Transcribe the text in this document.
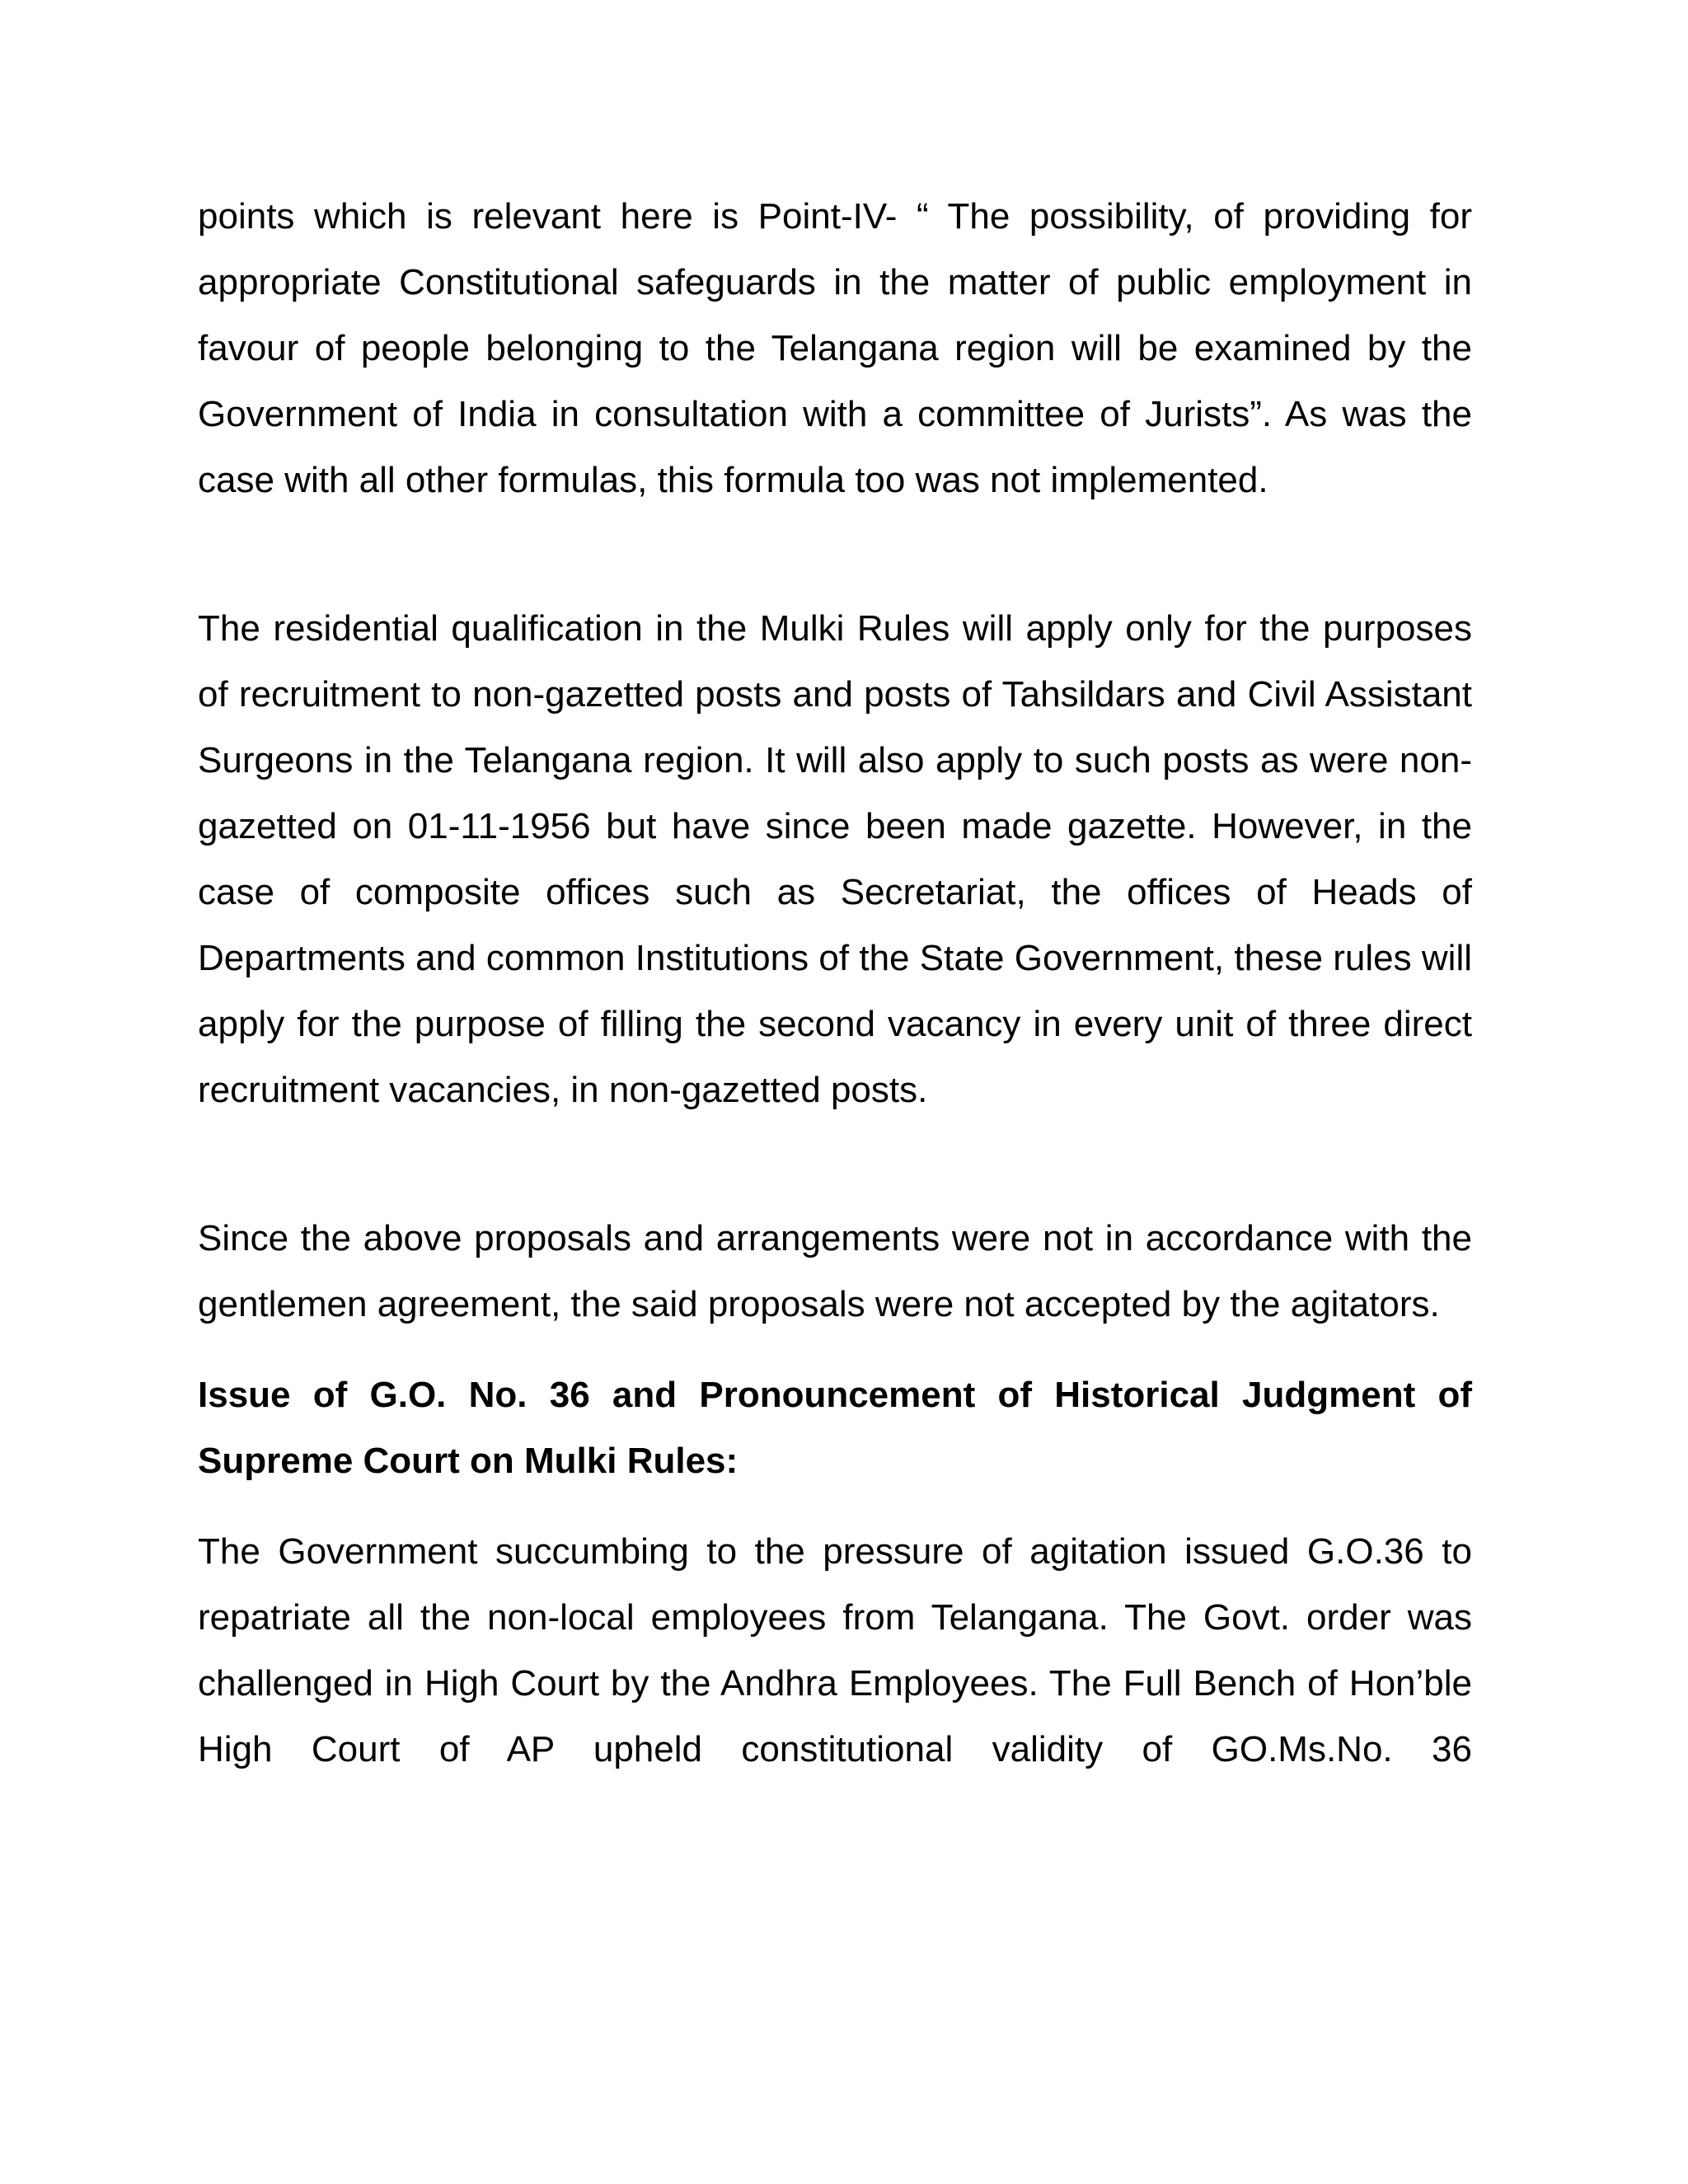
points which is relevant here is Point-IV- “ The possibility, of providing for appropriate Constitutional safeguards in the matter of public employment in favour of people belonging to the Telangana region will be examined by the Government of India in consultation with a committee of Jurists”. As was the case with all other formulas, this formula too was not implemented.

The residential qualification in the Mulki Rules will apply only for the purposes of recruitment to non-gazetted posts and posts of Tahsildars and Civil Assistant Surgeons in the Telangana region. It will also apply to such posts as were non-gazetted on 01-11-1956 but have since been made gazette. However, in the case of composite offices such as Secretariat, the offices of Heads of Departments and common Institutions of the State Government, these rules will apply for the purpose of filling the second vacancy in every unit of three direct recruitment vacancies, in non-gazetted posts.

Since the above proposals and arrangements were not in accordance with the gentlemen agreement, the said proposals were not accepted by the agitators.

Issue of G.O. No. 36 and Pronouncement of Historical Judgment of Supreme Court on Mulki Rules:

The Government succumbing to the pressure of agitation issued G.O.36 to repatriate all the non-local employees from Telangana. The Govt. order was challenged in High Court by the Andhra Employees. The Full Bench of Hon’ble High Court of AP upheld constitutional validity of GO.Ms.No. 36
